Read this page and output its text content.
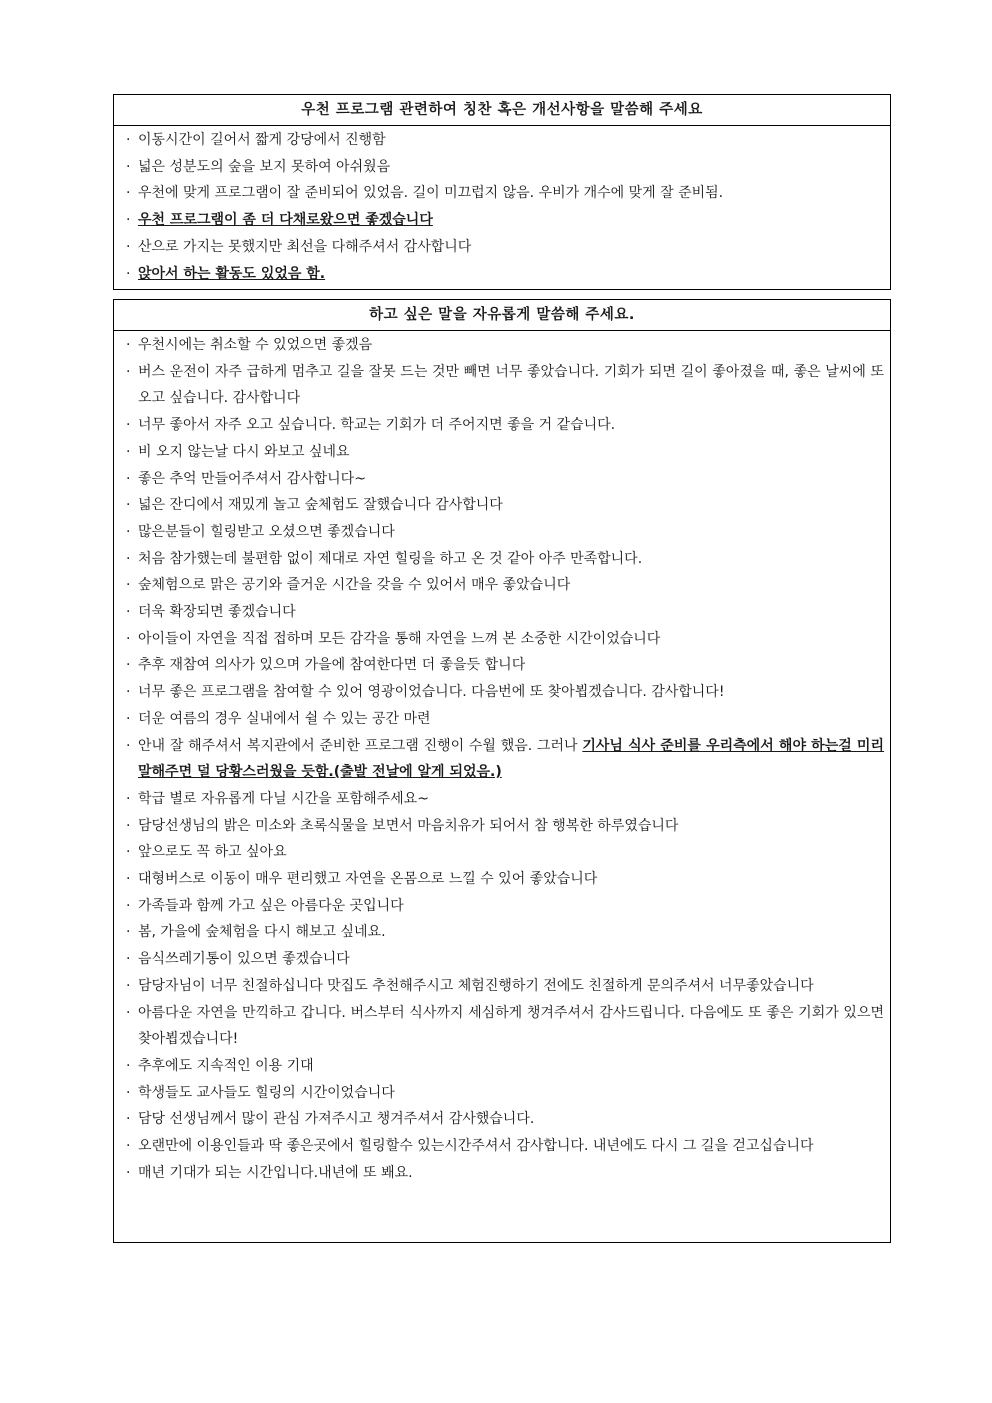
우천 프로그램 관련하여 칭찬 혹은 개선사항을 말씀해 주세요
· 이동시간이 길어서 짧게 강당에서 진행함
· 넓은 성분도의 숲을 보지 못하여 아쉬웠음
· 우천에 맞게 프로그램이 잘 준비되어 있었음. 길이 미끄럽지 않음. 우비가 개수에 맞게 잘 준비됨.
· 우천 프로그램이 좀 더 다채로왔으면 좋겠습니다
· 산으로 가지는 못했지만 최선을 다해주셔서 감사합니다
· 앉아서 하는 활동도 있었음 함.
하고 싶은 말을 자유롭게 말씀해 주세요.
· 우천시에는 취소할 수 있었으면 좋겠음
· 버스 운전이 자주 급하게 멈추고 길을 잘못 드는 것만 빼면 너무 좋았습니다. 기회가 되면 길이 좋아졌을 때, 좋은 날씨에 또 오고 싶습니다. 감사합니다
· 너무 좋아서 자주 오고 싶습니다. 학교는 기회가 더 주어지면 좋을 거 같습니다.
· 비 오지 않는날 다시 와보고 싶네요
· 좋은 추억 만들어주셔서 감사합니다~
· 넓은 잔디에서 재밌게 놀고 숲체험도 잘했습니다 감사합니다
· 많은분들이 힐링받고 오셨으면 좋겠습니다
· 처음 참가했는데 불편함 없이 제대로 자연 힐링을 하고 온 것 같아 아주 만족합니다.
· 숲체험으로 맑은 공기와 즐거운 시간을 갖을 수 있어서 매우 좋았습니다
· 더욱 확장되면 좋겠습니다
· 아이들이 자연을 직접 접하며 모든 감각을 통해 자연을 느껴 본 소중한 시간이었습니다
· 추후 재참여 의사가 있으며 가을에 참여한다면 더 좋을듯 합니다
· 너무 좋은 프로그램을 참여할 수 있어 영광이었습니다. 다음번에 또 찾아뵙겠습니다. 감사합니다!
· 더운 여름의 경우 실내에서 쉴 수 있는 공간 마련
· 안내 잘 해주셔서 복지관에서 준비한 프로그램 진행이 수월 했음. 그러나 기사님 식사 준비를 우리측에서 해야 하는걸 미리 말해주면 덜 당황스러웠을 듯함.(출발 전날에 알게 되었음.)
· 학급 별로 자유롭게 다닐 시간을 포함해주세요~
· 담당선생님의 밝은 미소와 초록식물을 보면서 마음치유가 되어서 참 행복한 하루였습니다
· 앞으로도 꼭 하고 싶아요
· 대형버스로 이동이 매우 편리했고 자연을 온몸으로 느낄 수 있어 좋았습니다
· 가족들과 함께 가고 싶은 아름다운 곳입니다
· 봄, 가을에 숲체험을 다시 해보고 싶네요.
· 음식쓰레기통이 있으면 좋겠습니다
· 담당자님이 너무 친절하십니다 맛집도 추천해주시고 체험진행하기 전에도 친절하게 문의주셔서 너무좋았습니다
· 아름다운 자연을 만끽하고 갑니다. 버스부터 식사까지 세심하게 챙겨주셔서 감사드립니다. 다음에도 또 좋은 기회가 있으면 찾아뵙겠습니다!
· 추후에도 지속적인 이용 기대
· 학생들도 교사들도 힐링의 시간이었습니다
· 담당 선생님께서 많이 관심 가져주시고 챙겨주셔서 감사했습니다.
· 오랜만에 이용인들과 딱 좋은곳에서 힐링할수 있는시간주셔서 감사합니다. 내년에도 다시 그 길을 걷고십습니다
· 매년 기대가 되는 시간입니다.내년에 또 봬요.
